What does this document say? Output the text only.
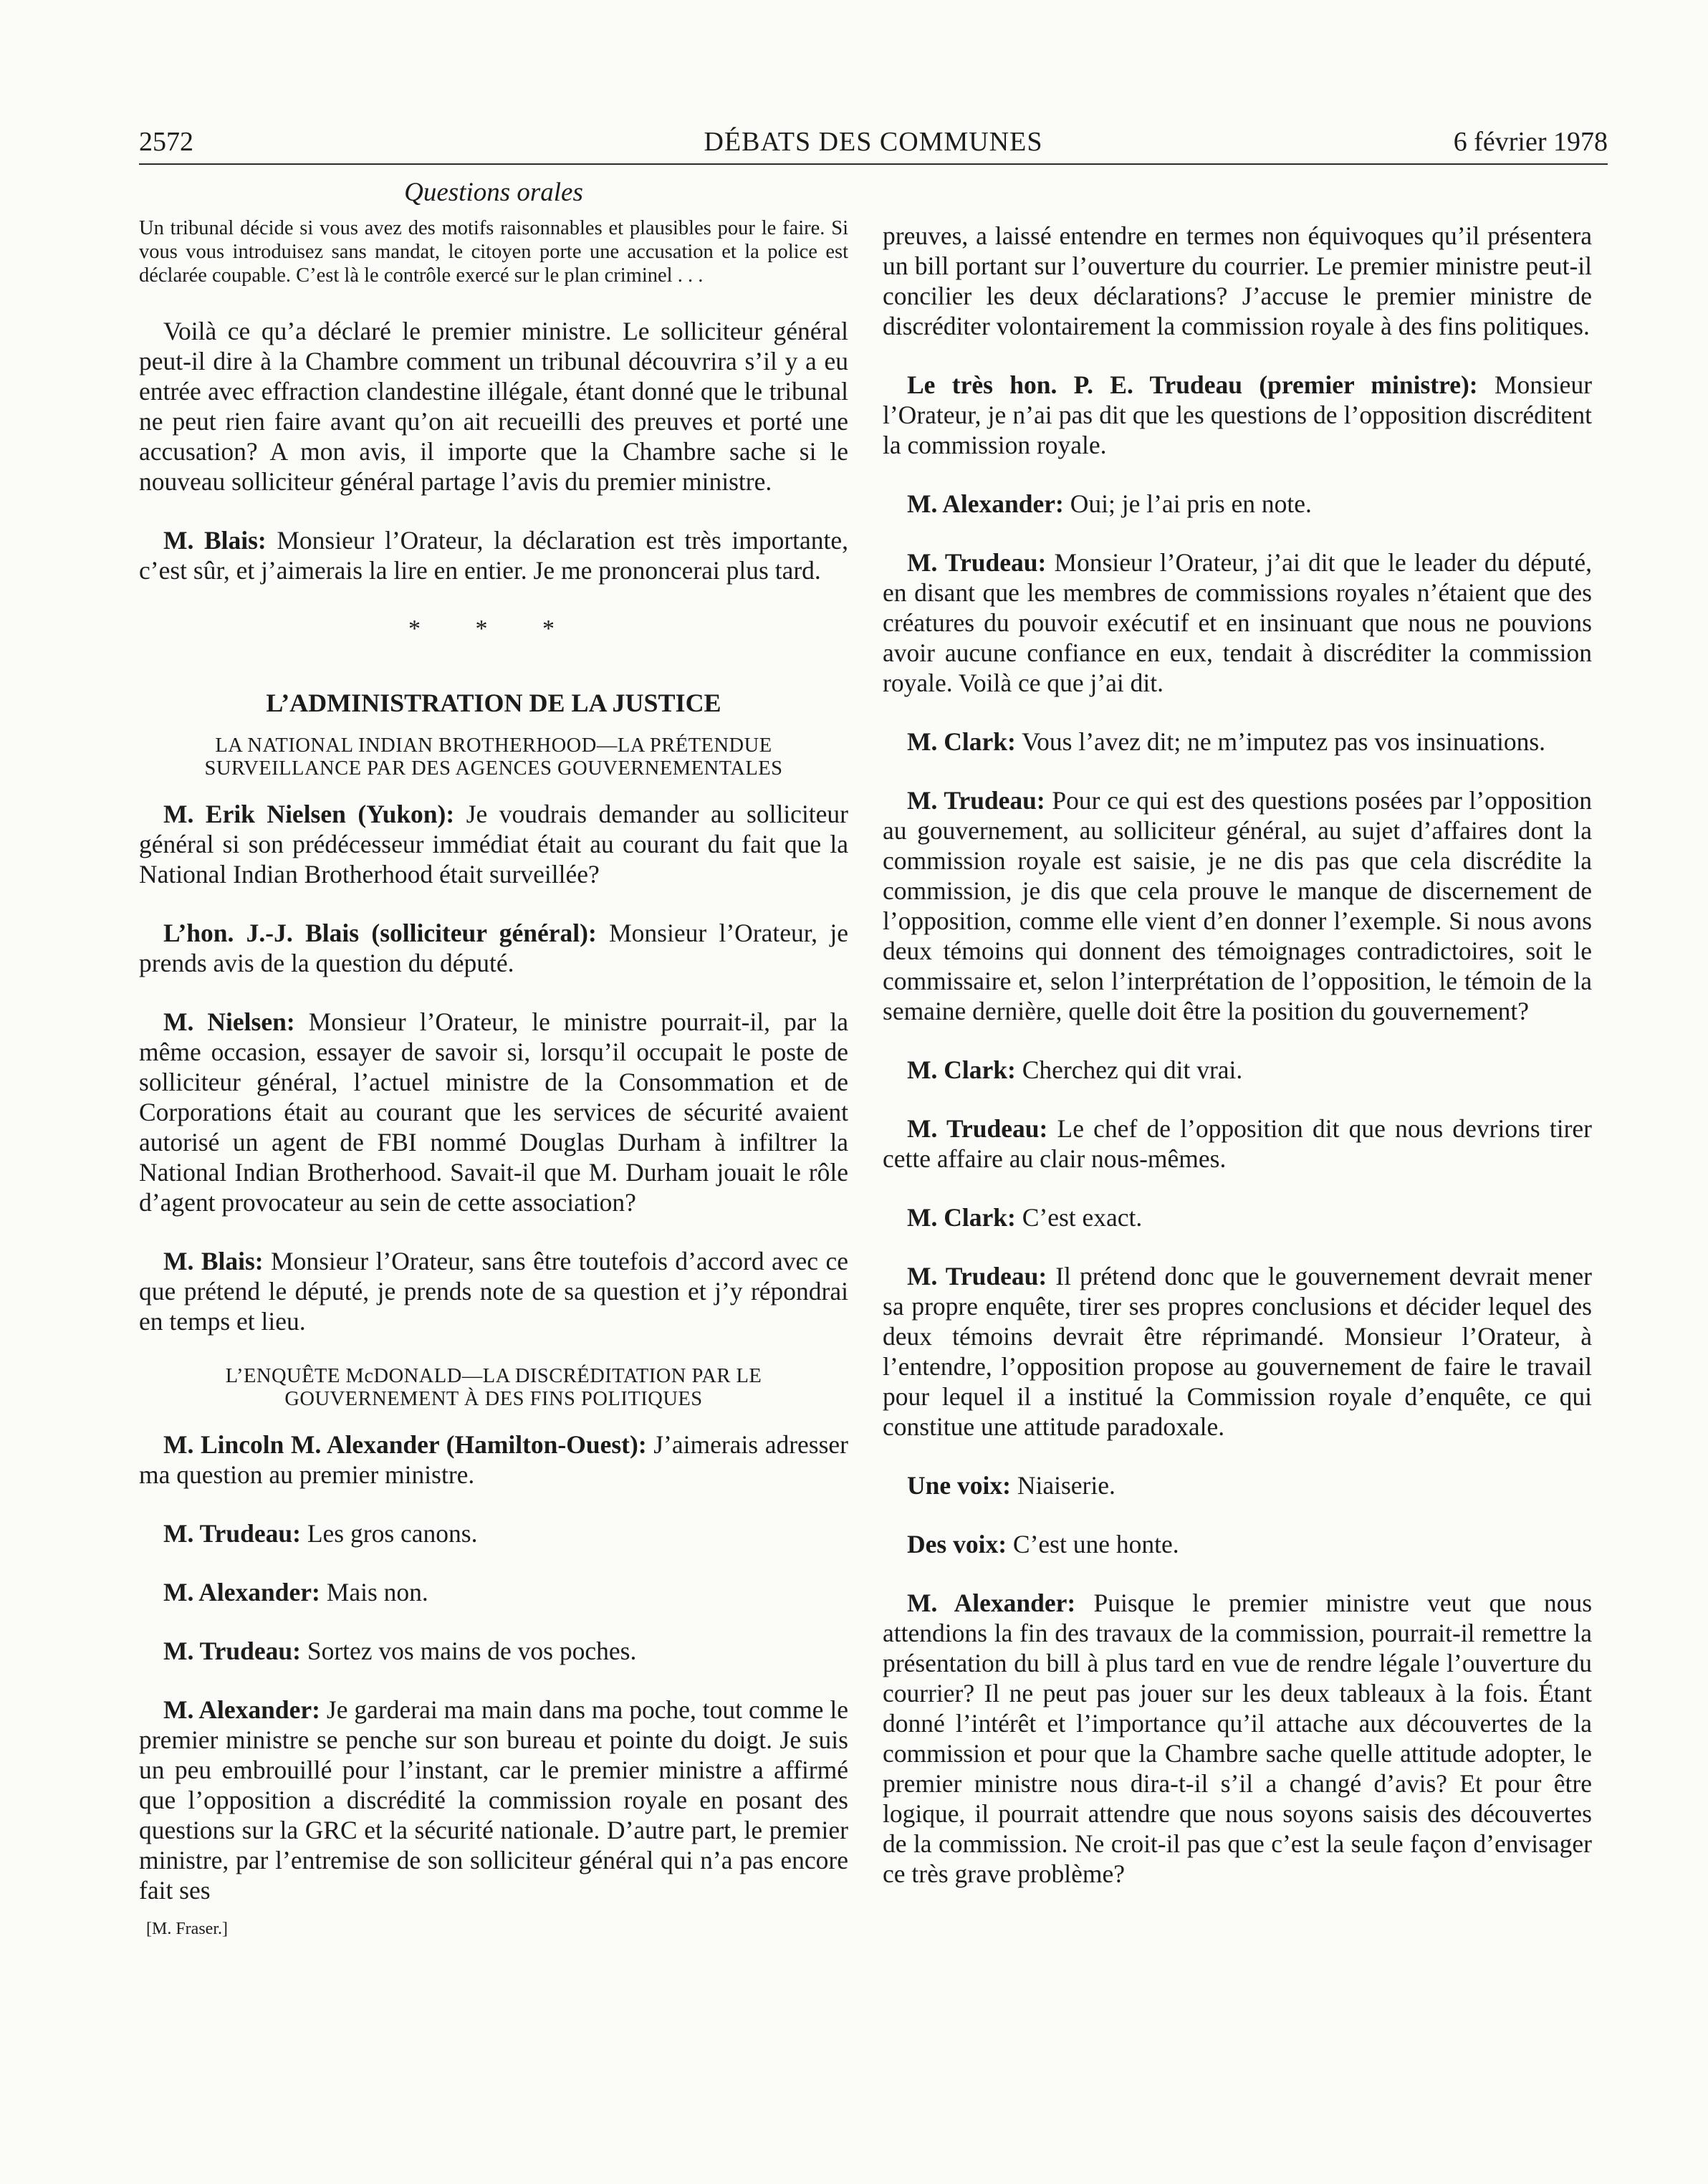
2572	DÉBATS DES COMMUNES	6 février 1978
Questions orales
Un tribunal décide si vous avez des motifs raisonnables et plausibles pour le faire. Si vous vous introduisez sans mandat, le citoyen porte une accusation et la police est déclarée coupable. C’est là le contrôle exercé sur le plan criminel . . .

Voilà ce qu’a déclaré le premier ministre. Le solliciteur général peut-il dire à la Chambre comment un tribunal découvrira s’il y a eu entrée avec effraction clandestine illégale, étant donné que le tribunal ne peut rien faire avant qu’on ait recueilli des preuves et porté une accusation? A mon avis, il importe que la Chambre sache si le nouveau solliciteur général partage l’avis du premier ministre.

M. Blais: Monsieur l’Orateur, la déclaration est très importante, c’est sûr, et j’aimerais la lire en entier. Je me prononcerai plus tard.

* * *
L’ADMINISTRATION DE LA JUSTICE
LA NATIONAL INDIAN BROTHERHOOD—LA PRÉTENDUE SURVEILLANCE PAR DES AGENCES GOUVERNEMENTALES

M. Erik Nielsen (Yukon): Je voudrais demander au solliciteur général si son prédécesseur immédiat était au courant du fait que la National Indian Brotherhood était surveillée?

L’hon. J.-J. Blais (solliciteur général): Monsieur l’Orateur, je prends avis de la question du député.

M. Nielsen: Monsieur l’Orateur, le ministre pourrait-il, par la même occasion, essayer de savoir si, lorsqu’il occupait le poste de solliciteur général, l’actuel ministre de la Consommation et de Corporations était au courant que les services de sécurité avaient autorisé un agent de FBI nommé Douglas Durham à infiltrer la National Indian Brotherhood. Savait-il que M. Durham jouait le rôle d’agent provocateur au sein de cette association?

M. Blais: Monsieur l’Orateur, sans être toutefois d’accord avec ce que prétend le député, je prends note de sa question et j’y répondrai en temps et lieu.

L’ENQUÊTE McDONALD—LA DISCRÉDITATION PAR LE GOUVERNEMENT À DES FINS POLITIQUES

M. Lincoln M. Alexander (Hamilton-Ouest): J’aimerais adresser ma question au premier ministre.

M. Trudeau: Les gros canons.

M. Alexander: Mais non.

M. Trudeau: Sortez vos mains de vos poches.

M. Alexander: Je garderai ma main dans ma poche, tout comme le premier ministre se penche sur son bureau et pointe du doigt. Je suis un peu embrouillé pour l’instant, car le premier ministre a affirmé que l’opposition a discrédité la commission royale en posant des questions sur la GRC et la sécurité nationale. D’autre part, le premier ministre, par l’entremise de son solliciteur général qui n’a pas encore fait ses

[M. Fraser.]

preuves, a laissé entendre en termes non équivoques qu’il présentera un bill portant sur l’ouverture du courrier. Le premier ministre peut-il concilier les deux déclarations? J’accuse le premier ministre de discréditer volontairement la commission royale à des fins politiques.

Le très hon. P. E. Trudeau (premier ministre): Monsieur l’Orateur, je n’ai pas dit que les questions de l’opposition discréditent la commission royale.

M. Alexander: Oui; je l’ai pris en note.

M. Trudeau: Monsieur l’Orateur, j’ai dit que le leader du député, en disant que les membres de commissions royales n’étaient que des créatures du pouvoir exécutif et en insinuant que nous ne pouvions avoir aucune confiance en eux, tendait à discréditer la commission royale. Voilà ce que j’ai dit.

M. Clark: Vous l’avez dit; ne m’imputez pas vos insinuations.

M. Trudeau: Pour ce qui est des questions posées par l’opposition au gouvernement, au solliciteur général, au sujet d’affaires dont la commission royale est saisie, je ne dis pas que cela discrédite la commission, je dis que cela prouve le manque de discernement de l’opposition, comme elle vient d’en donner l’exemple. Si nous avons deux témoins qui donnent des témoignages contradictoires, soit le commissaire et, selon l’interprétation de l’opposition, le témoin de la semaine dernière, quelle doit être la position du gouvernement?

M. Clark: Cherchez qui dit vrai.

M. Trudeau: Le chef de l’opposition dit que nous devrions tirer cette affaire au clair nous-mêmes.

M. Clark: C’est exact.

M. Trudeau: Il prétend donc que le gouvernement devrait mener sa propre enquête, tirer ses propres conclusions et décider lequel des deux témoins devrait être réprimandé. Monsieur l’Orateur, à l’entendre, l’opposition propose au gouvernement de faire le travail pour lequel il a institué la Commission royale d’enquête, ce qui constitue une attitude paradoxale.

Une voix: Niaiserie.

Des voix: C’est une honte.

M. Alexander: Puisque le premier ministre veut que nous attendions la fin des travaux de la commission, pourrait-il remettre la présentation du bill à plus tard en vue de rendre légale l’ouverture du courrier? Il ne peut pas jouer sur les deux tableaux à la fois. Étant donné l’intérêt et l’importance qu’il attache aux découvertes de la commission et pour que la Chambre sache quelle attitude adopter, le premier ministre nous dira-t-il s’il a changé d’avis? Et pour être logique, il pourrait attendre que nous soyons saisis des découvertes de la commission. Ne croit-il pas que c’est la seule façon d’envisager ce très grave problème?
